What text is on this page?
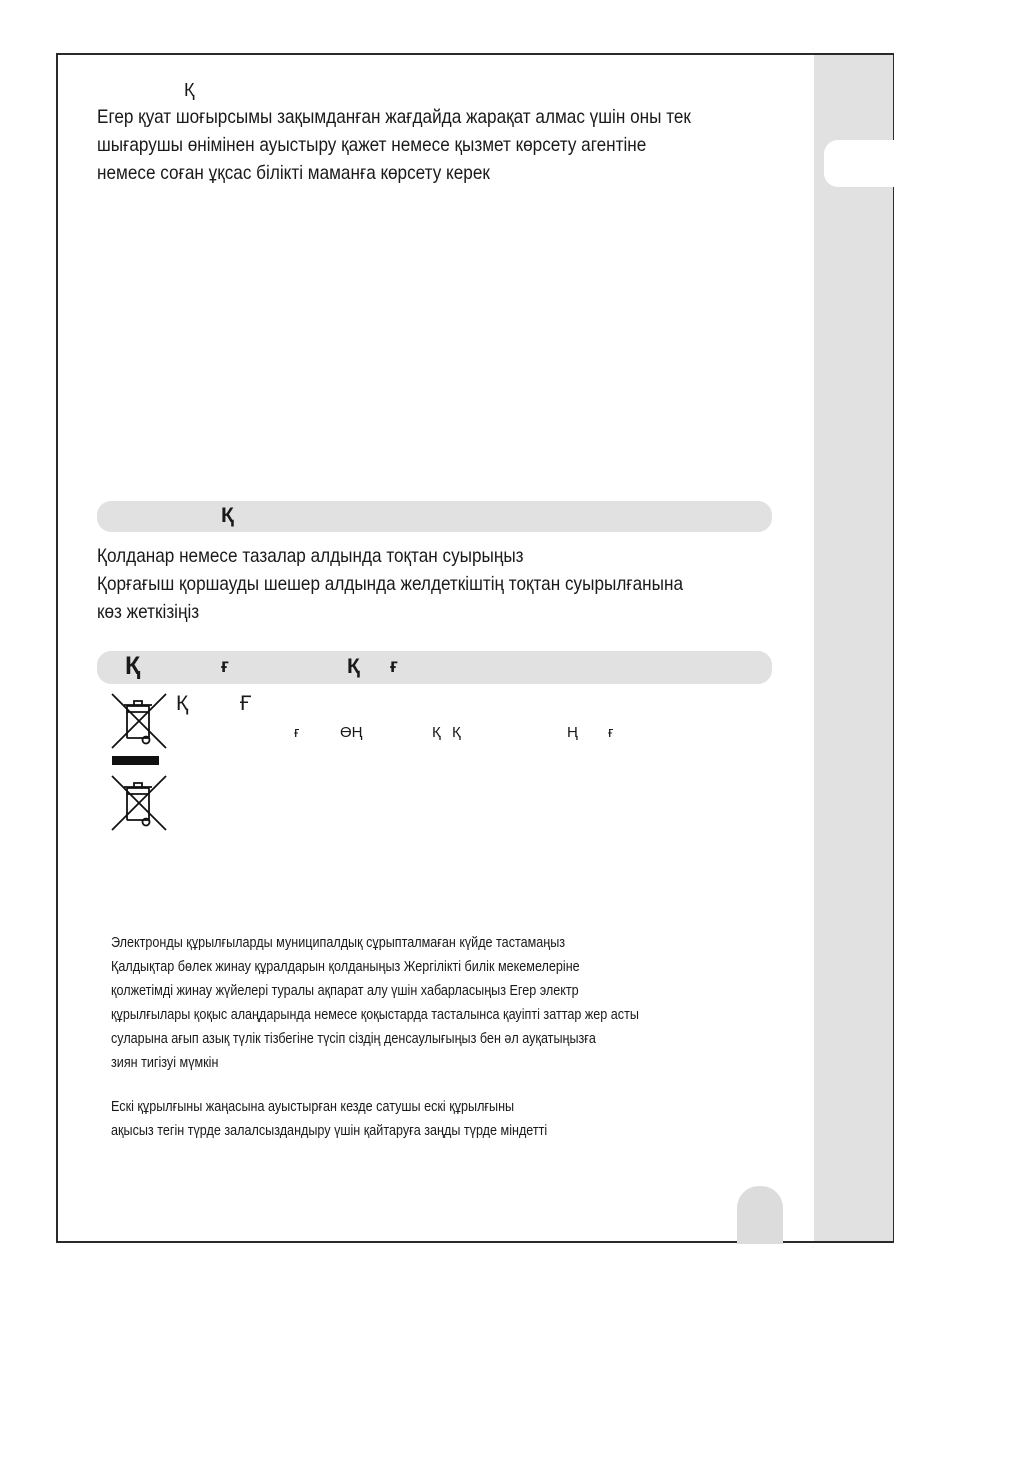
Қ
Егер қуат шоғырсымы зақымданған жағдайда жарақат алмас үшін оны тек
шығарушы өнімінен ауыстыру қажет немесе қызмет көрсету агентіне
немесе соған ұқсас білікті маманға көрсету керек
Қ
Қолданар немесе тазалар алдында тоқтан суырыңыз
Қорғағыш қоршауды шешер алдында желдеткіштің тоқтан суырылғанына
көз жеткізіңіз
Қ	ғ	Қ ғ
Қ Ғ
ғ	ӨҢ	Қ Қ	Ң ғ
Электронды құрылғыларды муниципалдық сұрыпталмаған күйде тастамаңыз
Қалдықтар бөлек жинау құралдарын қолданыңыз Жергілікті билік мекемелеріне
қолжетімді жинау жүйелері туралы ақпарат алу үшін хабарласыңыз Егер электр
құрылғылары қоқыс алаңдарында немесе қоқыстарда тасталынса қауіпті заттар жер асты
суларына ағып азық түлік тізбегіне түсіп сіздің денсаулығыңыз бен әл ауқатыңызға
зиян тигізуі мүмкін
Ескі құрылғыны жаңасына ауыстырған кезде сатушы ескі құрылғыны
ақысыз тегін түрде залалсыздандыру үшін қайтаруға заңды түрде міндетті
